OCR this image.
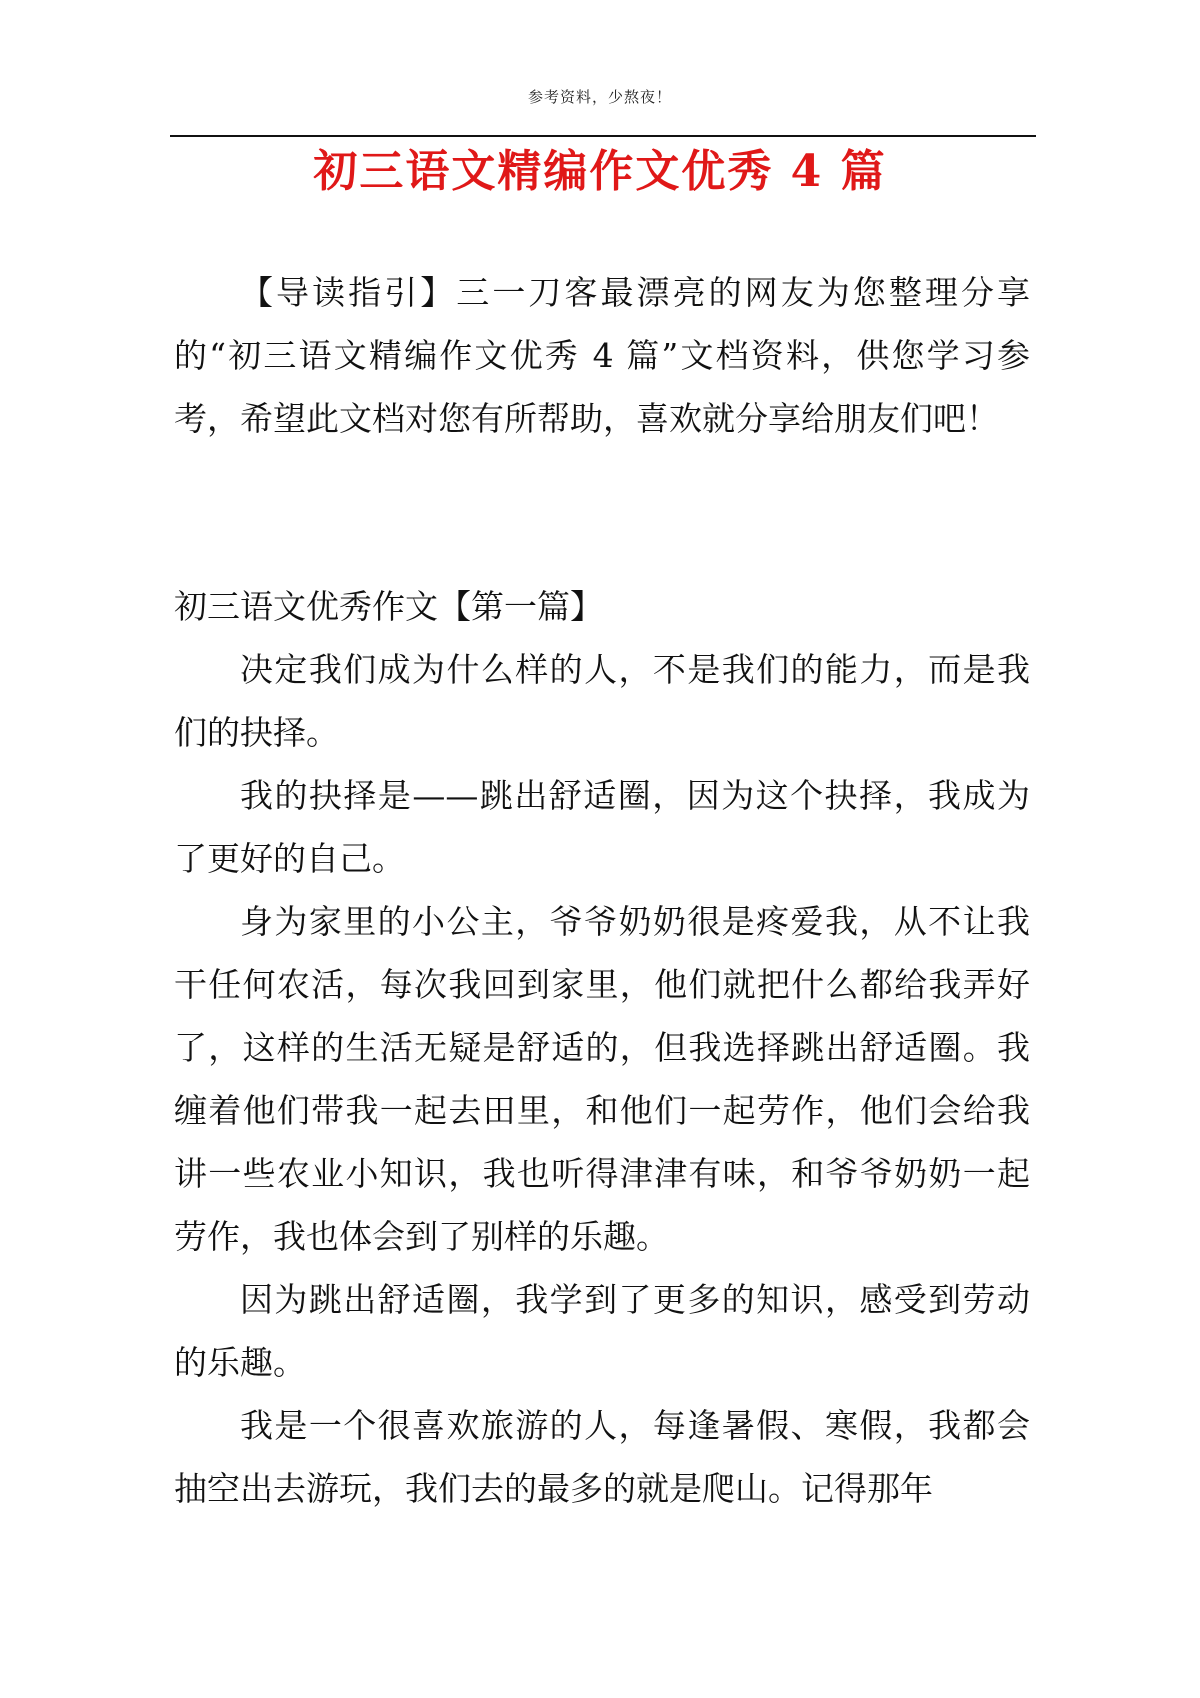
参考资料，少熬夜！
初三语文精编作文优秀 4 篇

【导读指引】三一刀客最漂亮的网友为您整理分享的“初三语文精编作文优秀 4 篇”文档资料，供您学习参考，希望此文档对您有所帮助，喜欢就分享给朋友们吧！

初三语文优秀作文【第一篇】

决定我们成为什么样的人，不是我们的能力，而是我们的抉择。

我的抉择是——跳出舒适圈，因为这个抉择，我成为了更好的自己。

身为家里的小公主，爷爷奶奶很是疼爱我，从不让我干任何农活，每次我回到家里，他们就把什么都给我弄好了，这样的生活无疑是舒适的，但我选择跳出舒适圈。我缠着他们带我一起去田里，和他们一起劳作，他们会给我讲一些农业小知识，我也听得津津有味，和爷爷奶奶一起劳作，我也体会到了别样的乐趣。

因为跳出舒适圈，我学到了更多的知识，感受到劳动的乐趣。

我是一个很喜欢旅游的人，每逢暑假、寒假，我都会抽空出去游玩，我们去的最多的就是爬山。记得那年
